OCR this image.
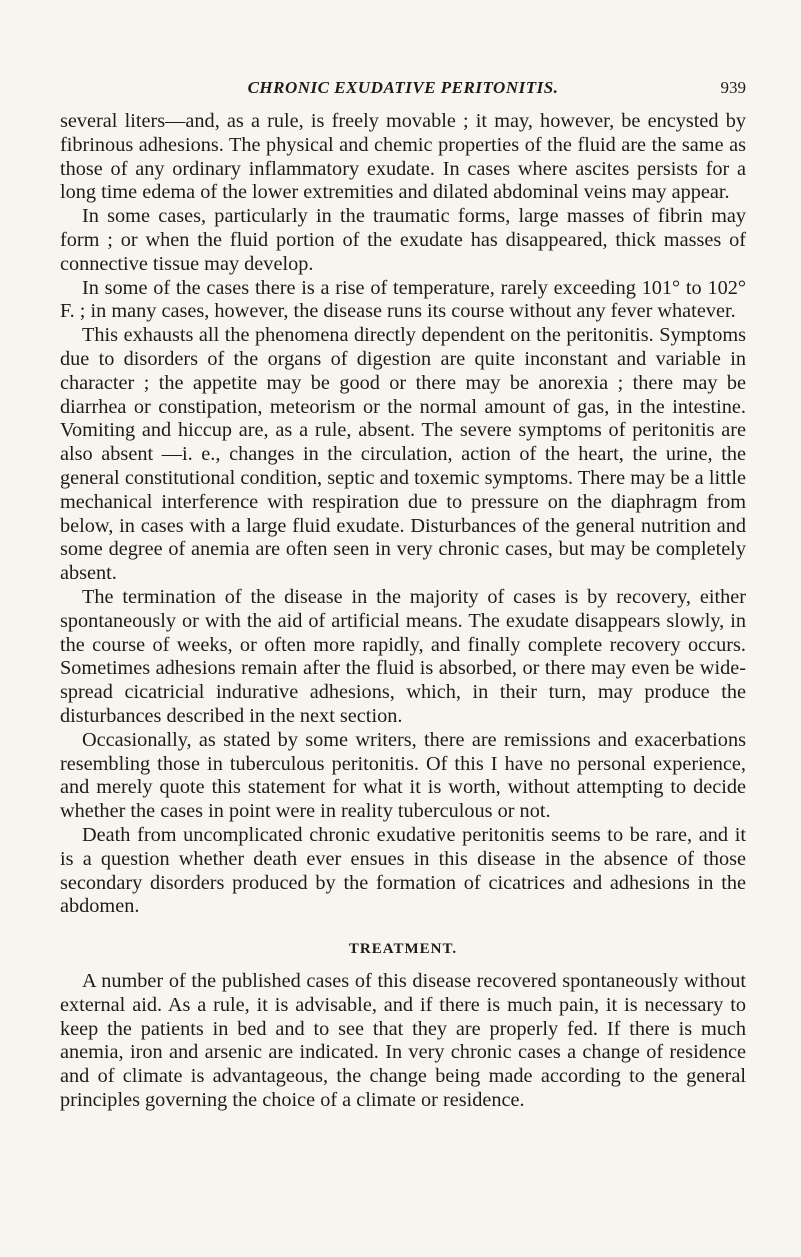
CHRONIC EXUDATIVE PERITONITIS.	939

several liters—and, as a rule, is freely movable ; it may, however, be encysted by fibrinous adhesions. The physical and chemic properties of the fluid are the same as those of any ordinary inflammatory exudate. In cases where ascites persists for a long time edema of the lower extremities and dilated abdominal veins may appear.

In some cases, particularly in the traumatic forms, large masses of fibrin may form ; or when the fluid portion of the exudate has disappeared, thick masses of connective tissue may develop.

In some of the cases there is a rise of temperature, rarely exceeding 101° to 102° F. ; in many cases, however, the disease runs its course without any fever whatever.

This exhausts all the phenomena directly dependent on the peritonitis. Symptoms due to disorders of the organs of digestion are quite inconstant and variable in character ; the appetite may be good or there may be anorexia ; there may be diarrhea or constipation, meteorism or the normal amount of gas, in the intestine. Vomiting and hiccup are, as a rule, absent. The severe symptoms of peritonitis are also absent —i. e., changes in the circulation, action of the heart, the urine, the general constitutional condition, septic and toxemic symptoms. There may be a little mechanical interference with respiration due to pressure on the diaphragm from below, in cases with a large fluid exudate. Disturbances of the general nutrition and some degree of anemia are often seen in very chronic cases, but may be completely absent.

The termination of the disease in the majority of cases is by recovery, either spontaneously or with the aid of artificial means. The exudate disappears slowly, in the course of weeks, or often more rapidly, and finally complete recovery occurs. Sometimes adhesions remain after the fluid is absorbed, or there may even be wide-spread cicatricial indurative adhesions, which, in their turn, may produce the disturbances described in the next section.

Occasionally, as stated by some writers, there are remissions and exacerbations resembling those in tuberculous peritonitis. Of this I have no personal experience, and merely quote this statement for what it is worth, without attempting to decide whether the cases in point were in reality tuberculous or not.

Death from uncomplicated chronic exudative peritonitis seems to be rare, and it is a question whether death ever ensues in this disease in the absence of those secondary disorders produced by the formation of cicatrices and adhesions in the abdomen.

TREATMENT.

A number of the published cases of this disease recovered spontaneously without external aid. As a rule, it is advisable, and if there is much pain, it is necessary to keep the patients in bed and to see that they are properly fed. If there is much anemia, iron and arsenic are indicated. In very chronic cases a change of residence and of climate is advantageous, the change being made according to the general principles governing the choice of a climate or residence.
